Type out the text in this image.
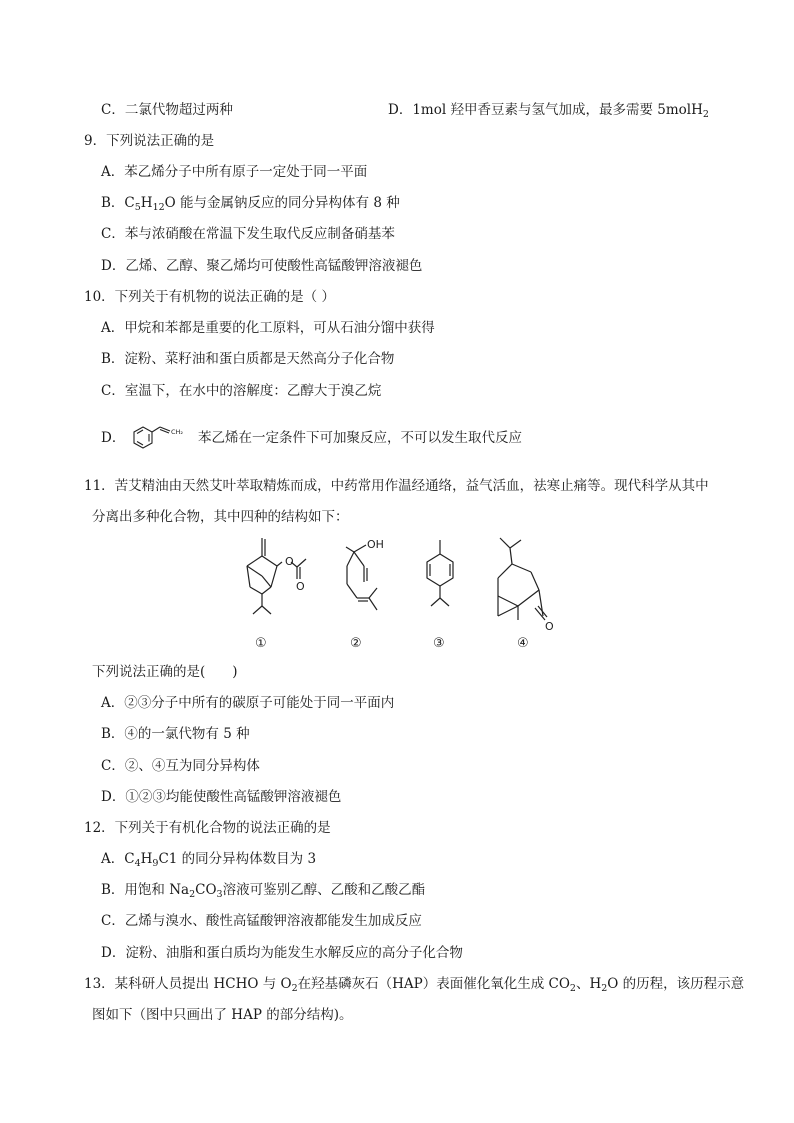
C．二氯代物超过两种	D．1mol 羟甲香豆素与氢气加成，最多需要 5molH$_2$
9．下列说法正确的是
A．苯乙烯分子中所有原子一定处于同一平面
B．$C_5H_{12}O$ 能与金属钠反应的同分异构体有 8 种
C．苯与浓硝酸在常温下发生取代反应制备硝基苯
D．乙烯、乙醇、聚乙烯均可使酸性高锰酸钾溶液褪色
10．下列关于有机物的说法正确的是（ ）
A．甲烷和苯都是重要的化工原料，可从石油分馏中获得
B．淀粉、菜籽油和蛋白质都是天然高分子化合物
C．室温下，在水中的溶解度：乙醇大于溴乙烷
D．	CH₂ 苯乙烯在一定条件下可加聚反应，不可以发生取代反应
11．苦艾精油由天然艾叶萃取精炼而成，中药常用作温经通络，益气活血，祛寒止痛等。现代科学从其中
分离出多种化合物，其中四种的结构如下：
O
O
OH
O
①	②	③	④
下列说法正确的是(　　)
A．②③分子中所有的碳原子可能处于同一平面内
B．④的一氯代物有 5 种
C．②、④互为同分异构体
D．①②③均能使酸性高锰酸钾溶液褪色
12．下列关于有机化合物的说法正确的是
A．$C_4H_9C1$ 的同分异构体数目为 3
B．用饱和 $Na_2CO_3$溶液可鉴别乙醇、乙酸和乙酸乙酯
C．乙烯与溴水、酸性高锰酸钾溶液都能发生加成反应
D．淀粉、油脂和蛋白质均为能发生水解反应的高分子化合物
13．某科研人员提出 HCHO 与 $O_2$在羟基磷灰石（HAP）表面催化氧化生成 $CO_2$、$H_2O$ 的历程，该历程示意
图如下（图中只画出了 HAP 的部分结构)。
